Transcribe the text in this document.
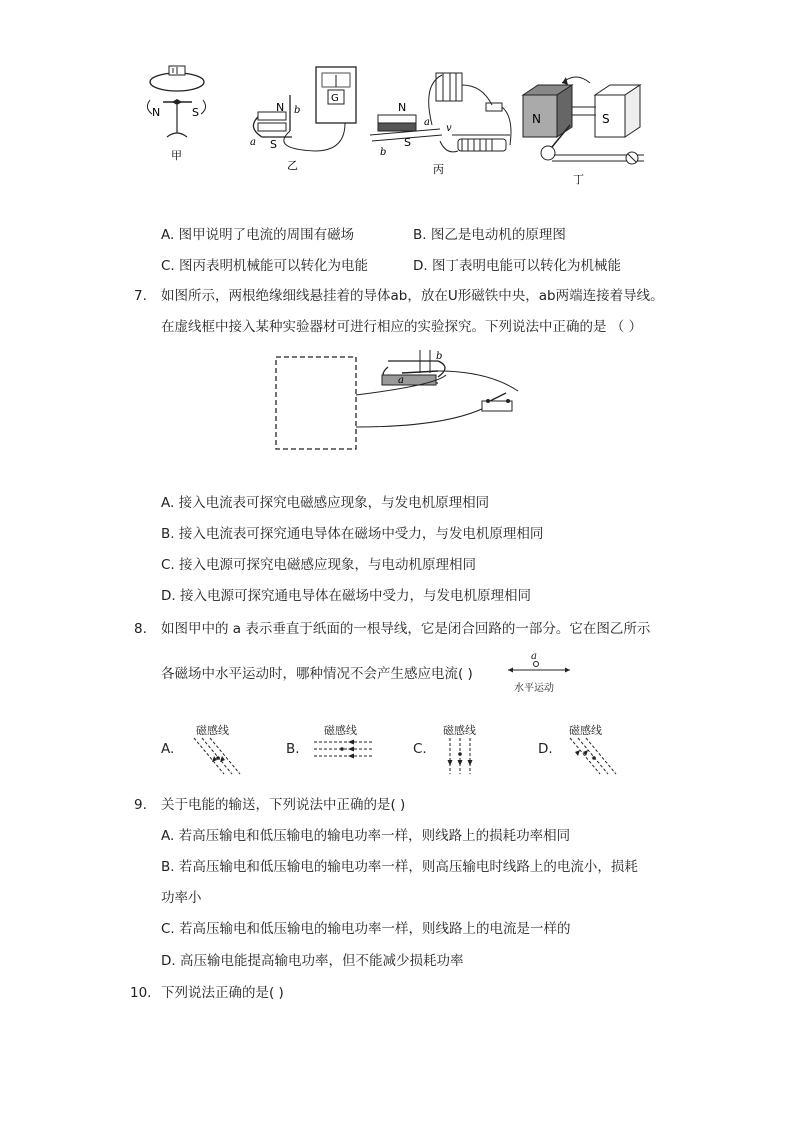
N	S
甲
N
S
a
b
G
乙
N
S
a
b
v
丙
N	S
丁
A. 图甲说明了电流的周围有磁场	B. 图乙是电动机的原理图
C. 图丙表明机械能可以转化为电能	D. 图丁表明电能可以转化为机械能
7. 如图所示，两根绝缘细线悬挂着的导体ab，放在U形磁铁中央，ab两端连接着导线。
在虚线框中接入某种实验器材可进行相应的实验探究。下列说法中正确的是 （ ）
b
a
A. 接入电流表可探究电磁感应现象，与发电机原理相同
B. 接入电流表可探究通电导体在磁场中受力，与发电机原理相同
C. 接入电源可探究电磁感应现象，与电动机原理相同
D. 接入电源可探究通电导体在磁场中受力，与发电机原理相同
8. 如图甲中的 a 表示垂直于纸面的一根导线，它是闭合回路的一部分。它在图乙所示
各磁场中水平运动时，哪种情况不会产生感应电流( )
a
水平运动
磁感线
A.
磁感线
B.
磁感线
C.
磁感线
D.
9. 关于电能的输送，下列说法中正确的是( )
A. 若高压输电和低压输电的输电功率一样，则线路上的损耗功率相同
B. 若高压输电和低压输电的输电功率一样，则高压输电时线路上的电流小，损耗
功率小
C. 若高压输电和低压输电的输电功率一样，则线路上的电流是一样的
D. 高压输电能提高输电功率，但不能减少损耗功率
10. 下列说法正确的是( )
